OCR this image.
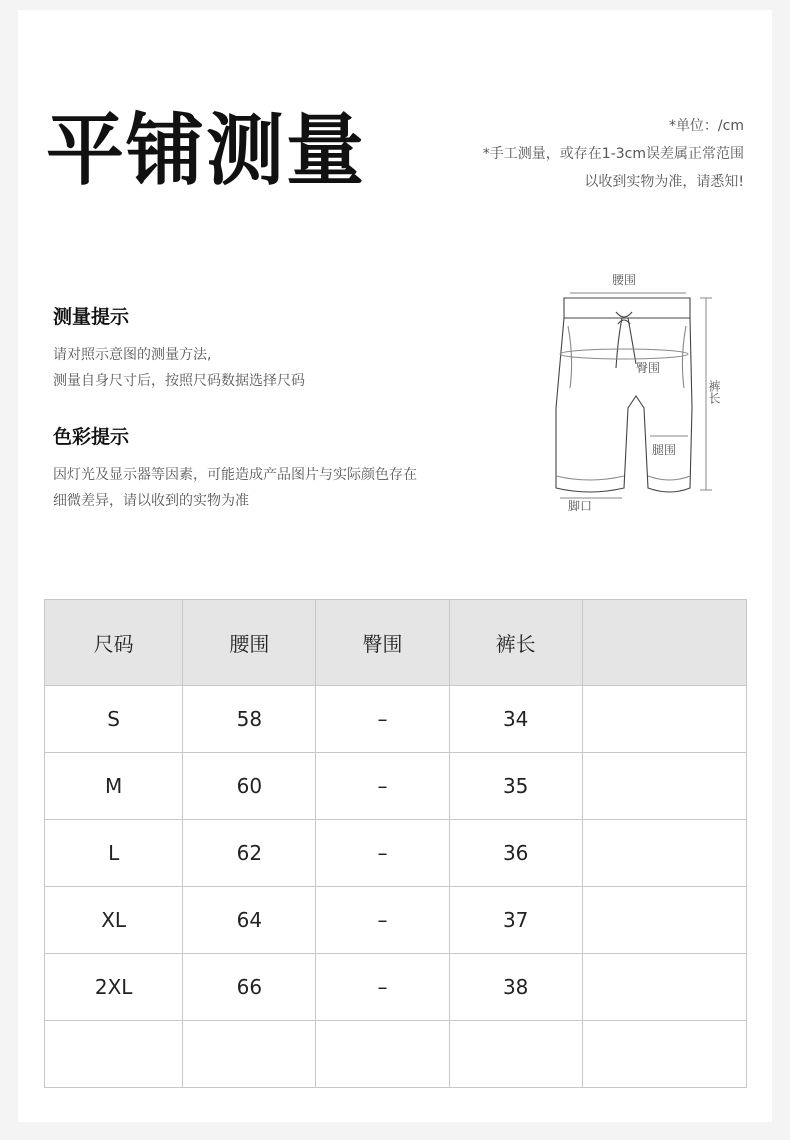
平铺测量	*单位：/cm
*手工测量，或存在1-3cm误差属正常范围
以收到实物为准，请悉知!
测量提示
请对照示意图的测量方法,
测量自身尺寸后，按照尺码数据选择尺码
色彩提示
因灯光及显示器等因素，可能造成产品图片与实际颜色存在
细微差异，请以收到的实物为准
腰围
臀围
裤长
腿围
脚口
尺码	腰围	臀围	裤长	
S	58	–	34	
M	60	–	35	
L	62	–	36	
XL	64	–	37	
2XL	66	–	38	
